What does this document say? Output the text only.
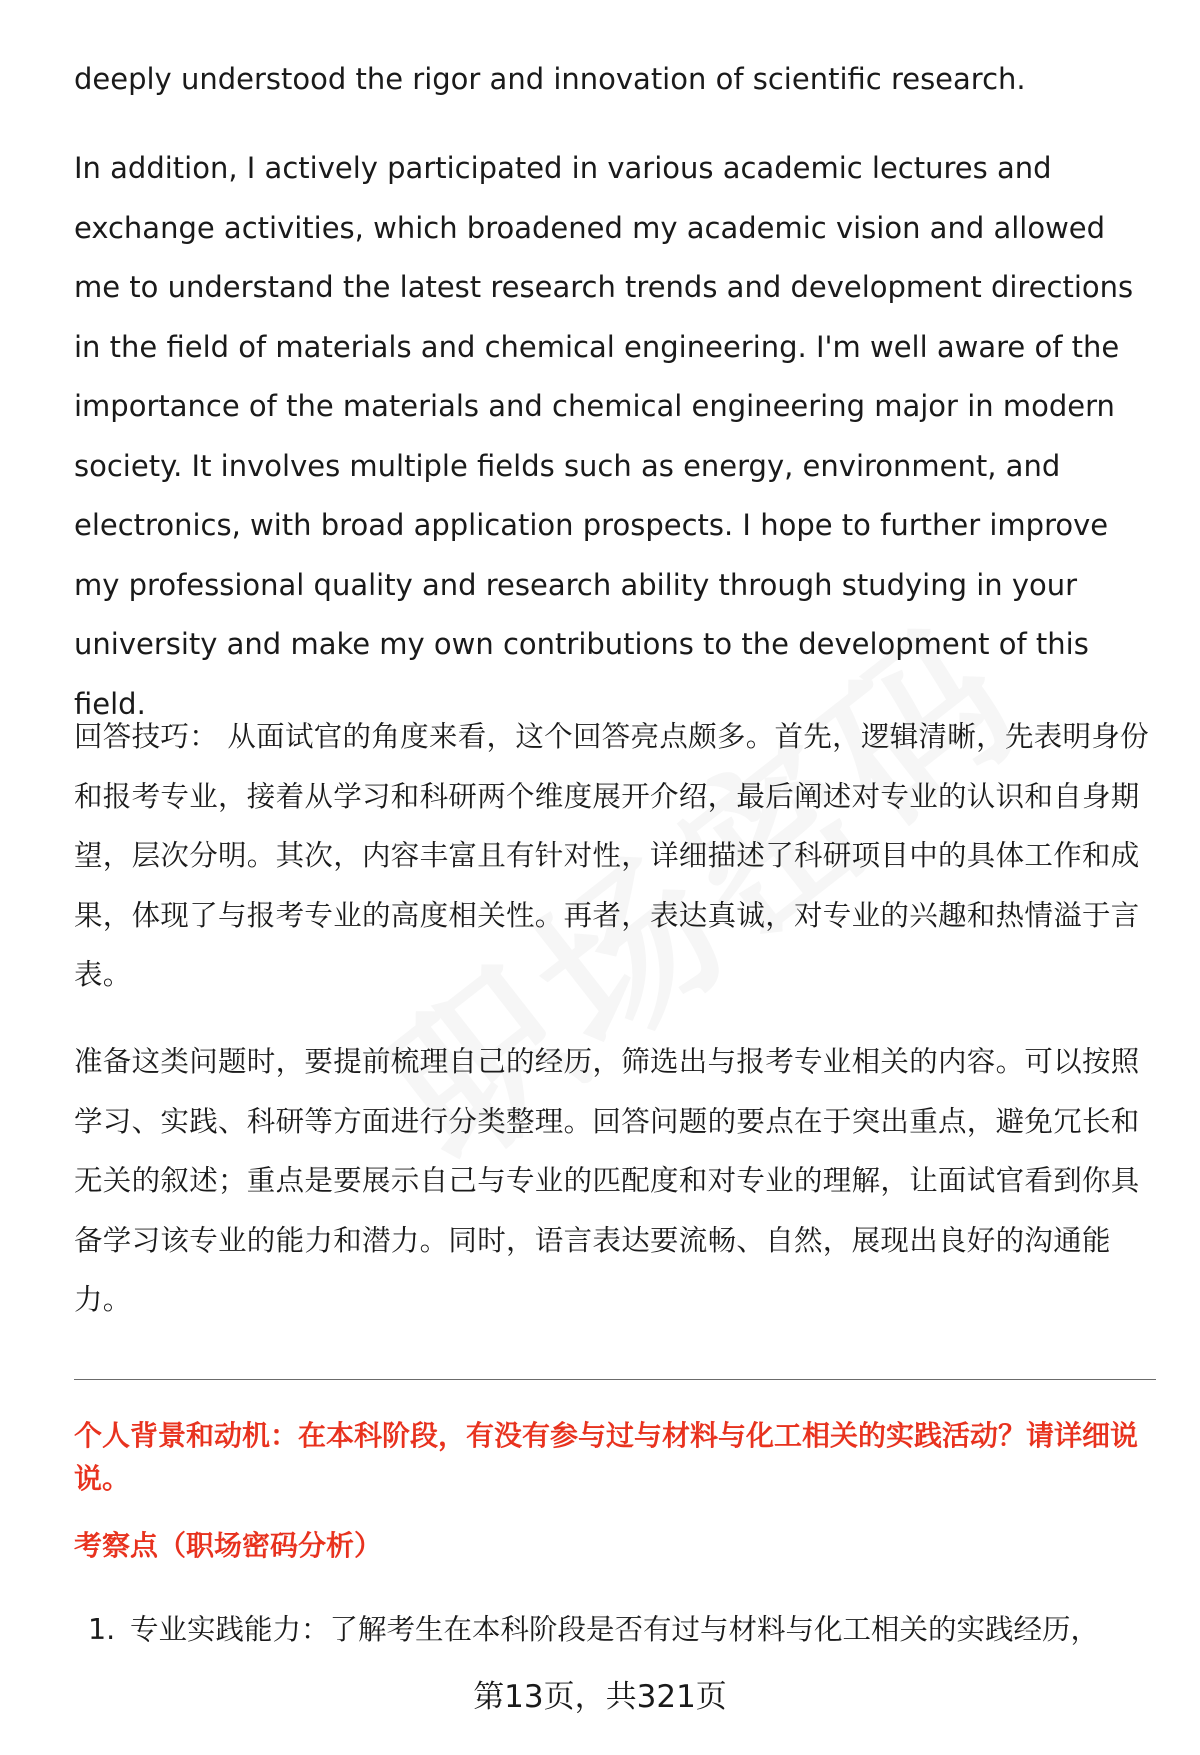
deeply understood the rigor and innovation of scientific research.

In addition, I actively participated in various academic lectures and exchange activities, which broadened my academic vision and allowed me to understand the latest research trends and development directions in the field of materials and chemical engineering. I'm well aware of the importance of the materials and chemical engineering major in modern society. It involves multiple fields such as energy, environment, and electronics, with broad application prospects. I hope to further improve my professional quality and research ability through studying in your university and make my own contributions to the development of this field.

回答技巧： 从面试官的角度来看，这个回答亮点颇多。首先，逻辑清晰，先表明身份和报考专业，接着从学习和科研两个维度展开介绍，最后阐述对专业的认识和自身期望，层次分明。其次，内容丰富且有针对性，详细描述了科研项目中的具体工作和成果，体现了与报考专业的高度相关性。再者，表达真诚，对专业的兴趣和热情溢于言表。

准备这类问题时，要提前梳理自己的经历，筛选出与报考专业相关的内容。可以按照学习、实践、科研等方面进行分类整理。回答问题的要点在于突出重点，避免冗长和无关的叙述；重点是要展示自己与专业的匹配度和对专业的理解，让面试官看到你具备学习该专业的能力和潜力。同时，语言表达要流畅、自然，展现出良好的沟通能力。

个人背景和动机：在本科阶段，有没有参与过与材料与化工相关的实践活动？请详细说说。

考察点（职场密码分析）

1. 专业实践能力：了解考生在本科阶段是否有过与材料与化工相关的实践经历，

第13页，共321页
